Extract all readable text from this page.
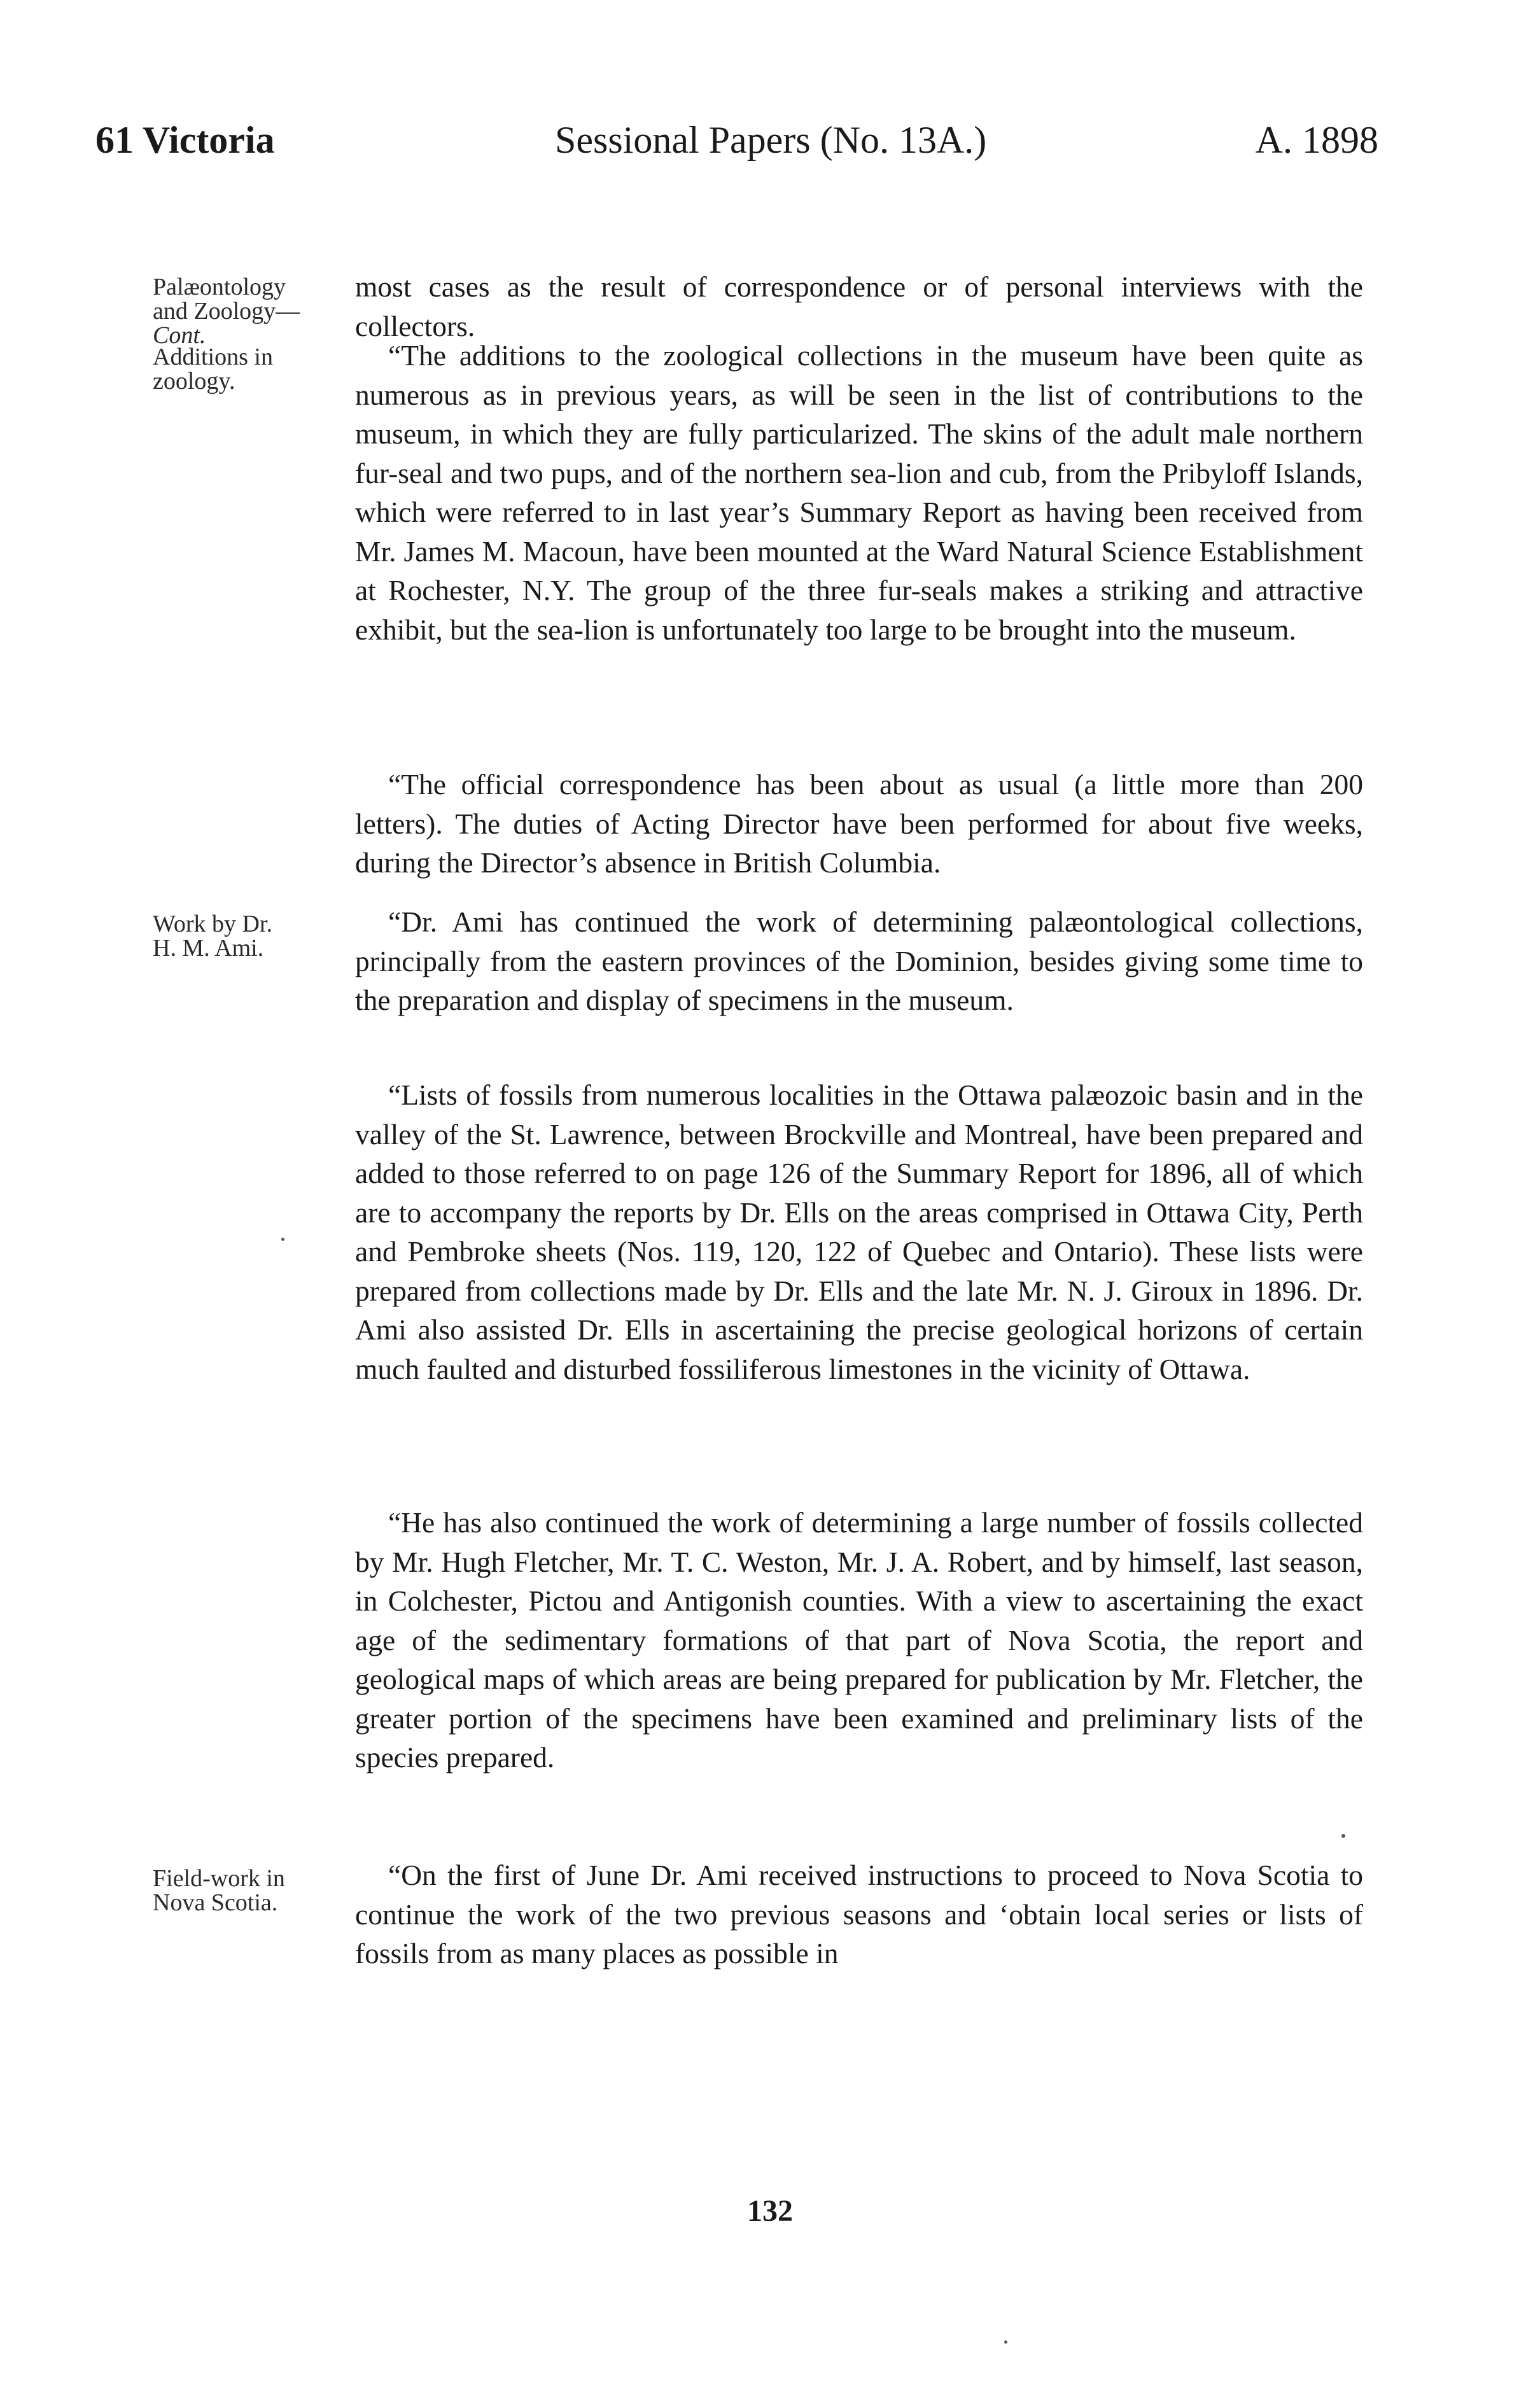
61 Victoria	Sessional Papers (No. 13A.)	A. 1898
Palæontology
and Zoology—
Cont.
most cases as the result of correspondence or of personal interviews with the collectors.
Additions in
zoology.
“The additions to the zoological collections in the museum have been quite as numerous as in previous years, as will be seen in the list of contributions to the museum, in which they are fully particularized. The skins of the adult male northern fur-seal and two pups, and of the northern sea-lion and cub, from the Pribyloff Islands, which were referred to in last year’s Summary Report as having been received from Mr. James M. Macoun, have been mounted at the Ward Natural Science Establishment at Rochester, N.Y. The group of the three fur-seals makes a striking and attractive exhibit, but the sea-lion is unfortunately too large to be brought into the museum.
“The official correspondence has been about as usual (a little more than 200 letters). The duties of Acting Director have been performed for about five weeks, during the Director’s absence in British Columbia.
Work by Dr.
H. M. Ami.
“Dr. Ami has continued the work of determining palæontological collections, principally from the eastern provinces of the Dominion, besides giving some time to the preparation and display of specimens in the museum.
“Lists of fossils from numerous localities in the Ottawa palæozoic basin and in the valley of the St. Lawrence, between Brockville and Montreal, have been prepared and added to those referred to on page 126 of the Summary Report for 1896, all of which are to accompany the reports by Dr. Ells on the areas comprised in Ottawa City, Perth and Pembroke sheets (Nos. 119, 120, 122 of Quebec and Ontario). These lists were prepared from collections made by Dr. Ells and the late Mr. N. J. Giroux in 1896. Dr. Ami also assisted Dr. Ells in ascertaining the precise geological horizons of certain much faulted and disturbed fossiliferous limestones in the vicinity of Ottawa.
“He has also continued the work of determining a large number of fossils collected by Mr. Hugh Fletcher, Mr. T. C. Weston, Mr. J. A. Robert, and by himself, last season, in Colchester, Pictou and Antigonish counties. With a view to ascertaining the exact age of the sedimentary formations of that part of Nova Scotia, the report and geological maps of which areas are being prepared for publication by Mr. Fletcher, the greater portion of the specimens have been examined and preliminary lists of the species prepared.
Field-work in
Nova Scotia.
“On the first of June Dr. Ami received instructions to proceed to Nova Scotia to continue the work of the two previous seasons and ‘obtain local series or lists of fossils from as many places as possible in
132
